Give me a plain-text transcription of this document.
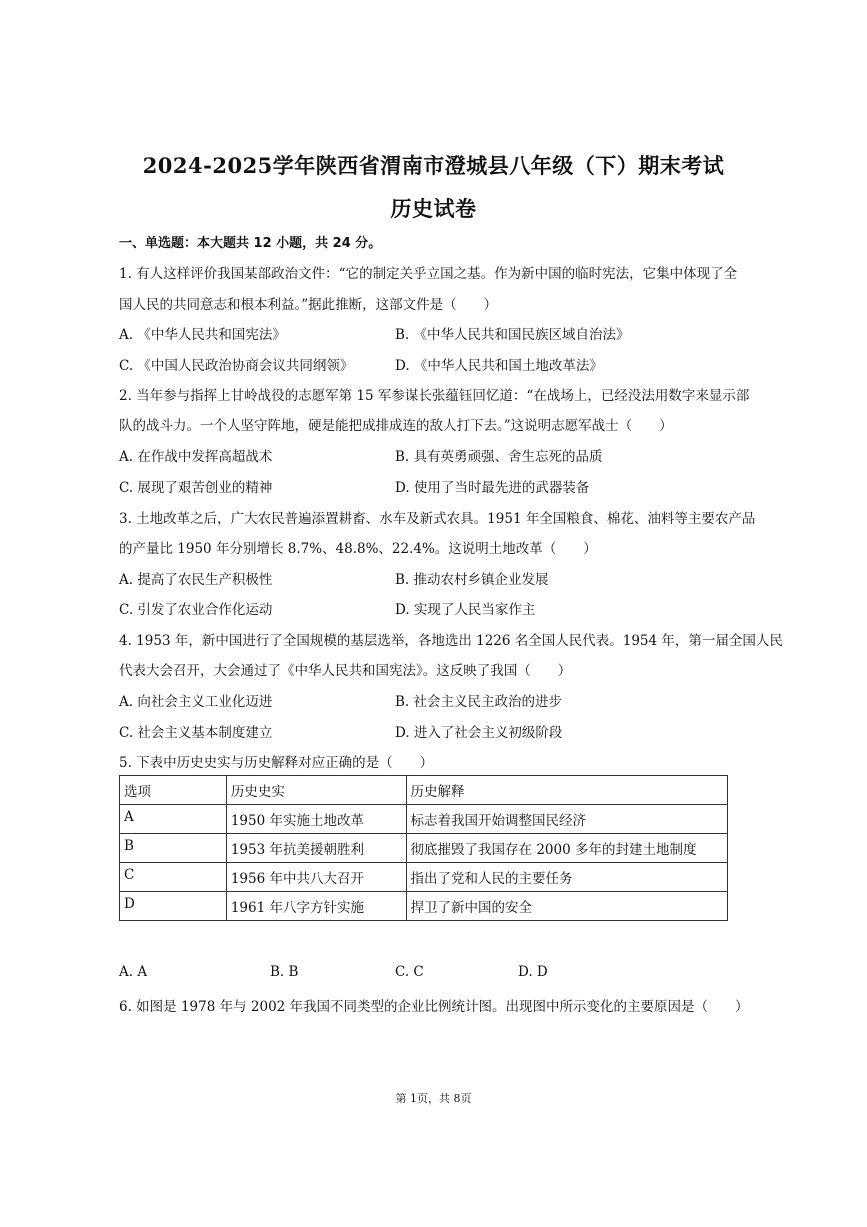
2024-2025学年陕西省渭南市澄城县八年级（下）期末考试
历史试卷
一、单选题：本大题共 12 小题，共 24 分。
1. 有人这样评价我国某部政治文件：“它的制定关乎立国之基。作为新中国的临时宪法，它集中体现了全
国人民的共同意志和根本利益。”据此推断，这部文件是（　　）
A. 《中华人民共和国宪法》	B. 《中华人民共和国民族区域自治法》
C. 《中国人民政治协商会议共同纲领》	D. 《中华人民共和国土地改革法》
2. 当年参与指挥上甘岭战役的志愿军第 15 军参谋长张蕴钰回忆道：“在战场上，已经没法用数字来显示部
队的战斗力。一个人坚守阵地，硬是能把成排成连的敌人打下去。”这说明志愿军战士（　　）
A. 在作战中发挥高超战术	B. 具有英勇顽强、舍生忘死的品质
C. 展现了艰苦创业的精神	D. 使用了当时最先进的武器装备
3. 土地改革之后，广大农民普遍添置耕畜、水车及新式农具。1951 年全国粮食、棉花、油料等主要农产品
的产量比 1950 年分别增长 8.7%、48.8%、22.4%。这说明土地改革（　　）
A. 提高了农民生产积极性	B. 推动农村乡镇企业发展
C. 引发了农业合作化运动	D. 实现了人民当家作主
4. 1953 年，新中国进行了全国规模的基层选举，各地选出 1226 名全国人民代表。1954 年，第一届全国人民
代表大会召开，大会通过了《中华人民共和国宪法》。这反映了我国（　　）
A. 向社会主义工业化迈进	B. 社会主义民主政治的进步
C. 社会主义基本制度建立	D. 进入了社会主义初级阶段
5. 下表中历史史实与历史解释对应正确的是（　　）
选项	历史史实	历史解释
A	1950 年实施土地改革	标志着我国开始调整国民经济
B	1953 年抗美援朝胜利	彻底摧毁了我国存在 2000 多年的封建土地制度
C	1956 年中共八大召开	指出了党和人民的主要任务
D	1961 年八字方针实施	捍卫了新中国的安全
A. A	B. B	C. C	D. D
6. 如图是 1978 年与 2002 年我国不同类型的企业比例统计图。出现图中所示变化的主要原因是（　　）
第 1页，共 8页
